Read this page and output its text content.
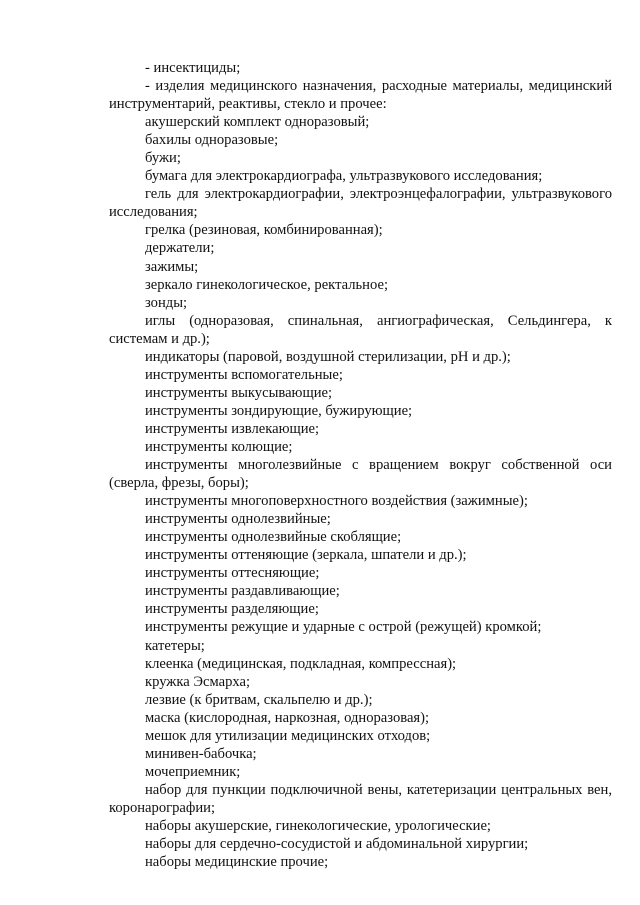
- инсектициды;

- изделия медицинского назначения, расходные материалы, медицинский инструментарий, реактивы, стекло и прочее:

акушерский комплект одноразовый;

бахилы одноразовые;

бужи;

бумага для электрокардиографа, ультразвукового исследования;

гель для электрокардиографии, электроэнцефалографии, ультразвукового исследования;

грелка (резиновая, комбинированная);

держатели;

зажимы;

зеркало гинекологическое, ректальное;

зонды;

иглы (одноразовая, спинальная, ангиографическая, Сельдингера, к системам и др.);

индикаторы (паровой, воздушной стерилизации, pH и др.);

инструменты вспомогательные;

инструменты выкусывающие;

инструменты зондирующие, бужирующие;

инструменты извлекающие;

инструменты колющие;

инструменты многолезвийные с вращением вокруг собственной оси (сверла, фрезы, боры);

инструменты многоповерхностного воздействия (зажимные);

инструменты однолезвийные;

инструменты однолезвийные скоблящие;

инструменты оттеняющие (зеркала, шпатели и др.);

инструменты оттесняющие;

инструменты раздавливающие;

инструменты разделяющие;

инструменты режущие и ударные с острой (режущей) кромкой;

катетеры;

клеенка (медицинская, подкладная, компрессная);

кружка Эсмарха;

лезвие (к бритвам, скальпелю и др.);

маска (кислородная, наркозная, одноразовая);

мешок для утилизации медицинских отходов;

минивен-бабочка;

мочеприемник;

набор для пункции подключичной вены, катетеризации центральных вен, коронарографии;

наборы акушерские, гинекологические, урологические;

наборы для сердечно-сосудистой и абдоминальной хирургии;

наборы медицинские прочие;
